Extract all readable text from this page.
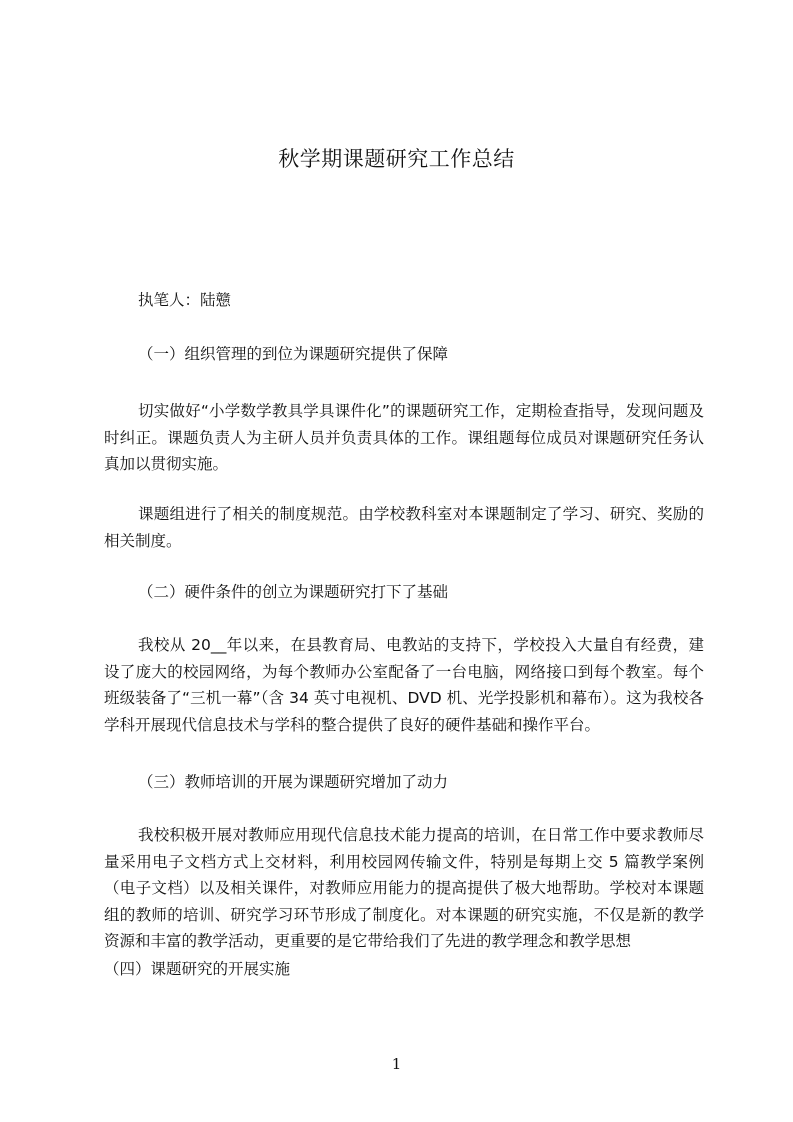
秋学期课题研究工作总结
执笔人：陆戆
（一）组织管理的到位为课题研究提供了保障
切实做好“小学数学教具学具课件化”的课题研究工作，定期检查指导，发现问题及时纠正。课题负责人为主研人员并负责具体的工作。课组题每位成员对课题研究任务认真加以贯彻实施。
课题组进行了相关的制度规范。由学校教科室对本课题制定了学习、研究、奖励的相关制度。
（二）硬件条件的创立为课题研究打下了基础
我校从 20__年以来，在县教育局、电教站的支持下，学校投入大量自有经费，建设了庞大的校园网络，为每个教师办公室配备了一台电脑，网络接口到每个教室。每个班级装备了“三机一幕”（含 34 英寸电视机、DVD 机、光学投影机和幕布）。这为我校各学科开展现代信息技术与学科的整合提供了良好的硬件基础和操作平台。
（三）教师培训的开展为课题研究增加了动力
我校积极开展对教师应用现代信息技术能力提高的培训，在日常工作中要求教师尽量采用电子文档方式上交材料，利用校园网传输文件，特别是每期上交 5 篇教学案例（电子文档）以及相关课件，对教师应用能力的提高提供了极大地帮助。学校对本课题组的教师的培训、研究学习环节形成了制度化。对本课题的研究实施，不仅是新的教学资源和丰富的教学活动，更重要的是它带给我们了先进的教学理念和教学思想
（四）课题研究的开展实施
1
